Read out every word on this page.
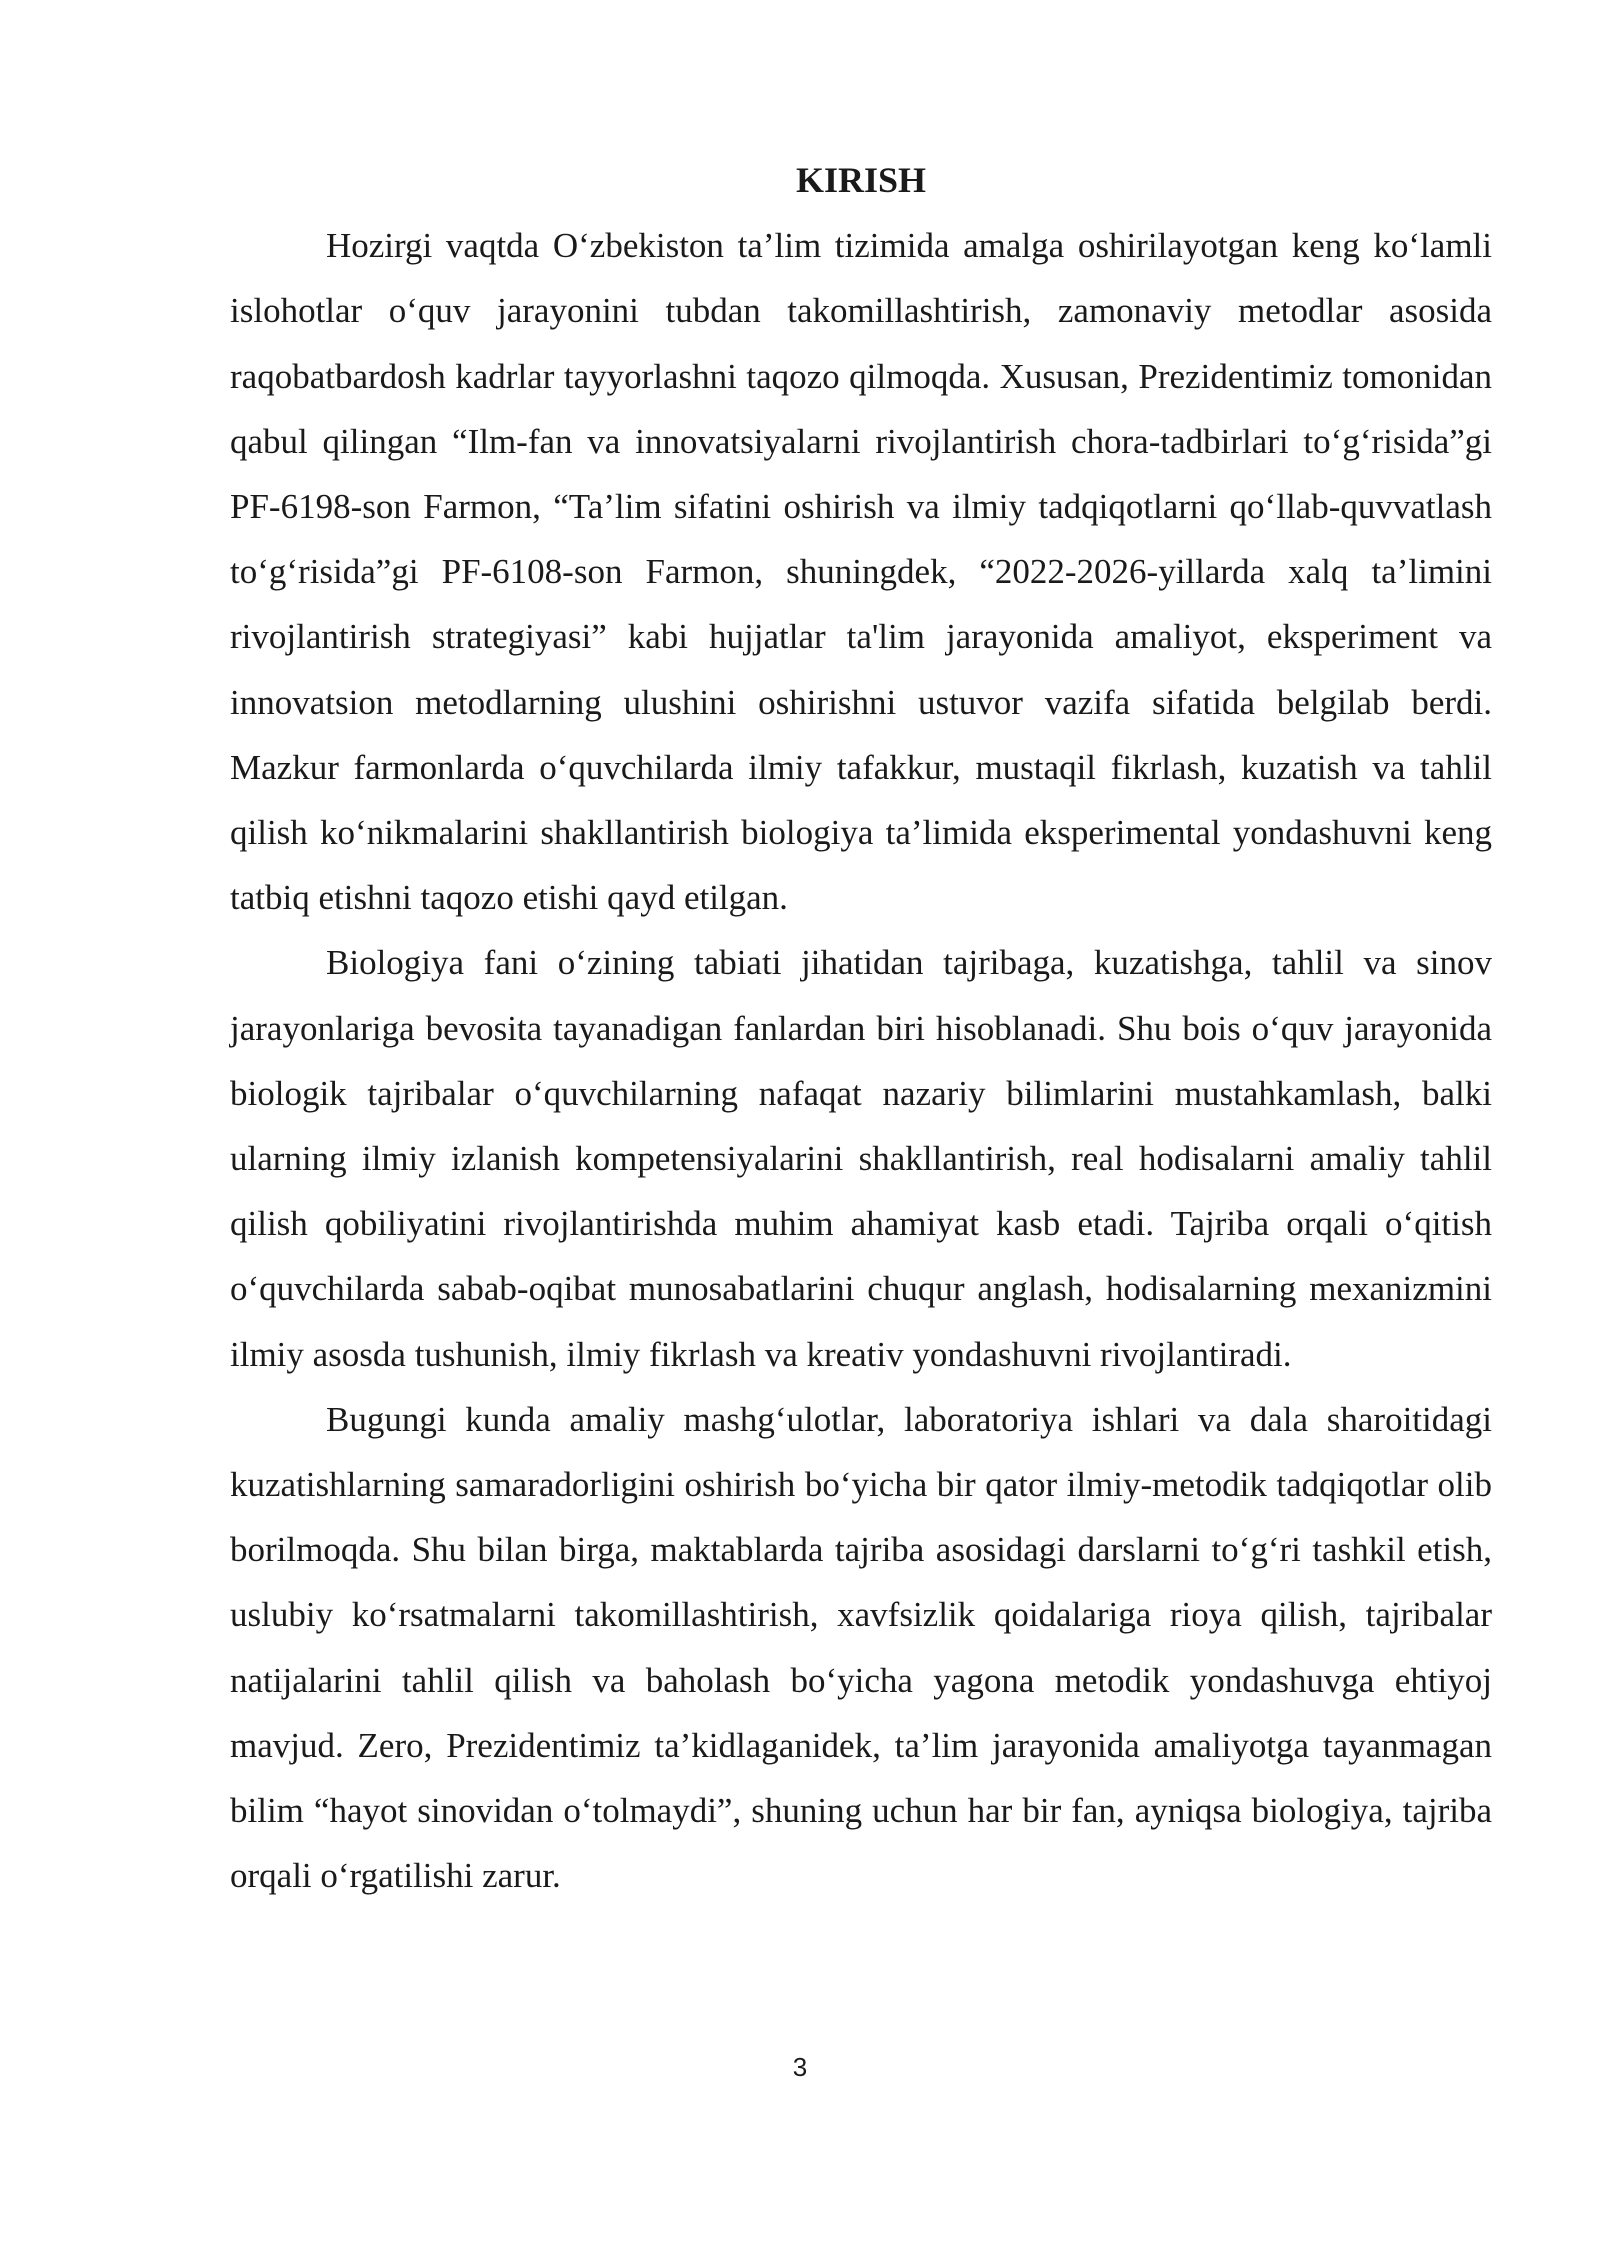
KIRISH

Hozirgi vaqtda O‘zbekiston ta’lim tizimida amalga oshirilayotgan keng ko‘lamli islohotlar o‘quv jarayonini tubdan takomillashtirish, zamonaviy metodlar asosida raqobatbardosh kadrlar tayyorlashni taqozo qilmoqda. Xususan, Prezidentimiz tomonidan qabul qilingan “Ilm-fan va innovatsiyalarni rivojlantirish chora-tadbirlari to‘g‘risida”gi PF-6198-son Farmon, “Ta’lim sifatini oshirish va ilmiy tadqiqotlarni qo‘llab-quvvatlash to‘g‘risida”gi PF-6108-son Farmon, shuningdek, “2022-2026-yillarda xalq ta’limini rivojlantirish strategiyasi” kabi hujjatlar ta'lim jarayonida amaliyot, eksperiment va innovatsion metodlarning ulushini oshirishni ustuvor vazifa sifatida belgilab berdi. Mazkur farmonlarda o‘quvchilarda ilmiy tafakkur, mustaqil fikrlash, kuzatish va tahlil qilish ko‘nikmalarini shakllantirish biologiya ta’limida eksperimental yondashuvni keng tatbiq etishni taqozo etishi qayd etilgan.

Biologiya fani o‘zining tabiati jihatidan tajribaga, kuzatishga, tahlil va sinov jarayonlariga bevosita tayanadigan fanlardan biri hisoblanadi. Shu bois o‘quv jarayonida biologik tajribalar o‘quvchilarning nafaqat nazariy bilimlarini mustahkamlash, balki ularning ilmiy izlanish kompetensiyalarini shakllantirish, real hodisalarni amaliy tahlil qilish qobiliyatini rivojlantirishda muhim ahamiyat kasb etadi. Tajriba orqali o‘qitish o‘quvchilarda sabab-oqibat munosabatlarini chuqur anglash, hodisalarning mexanizmini ilmiy asosda tushunish, ilmiy fikrlash va kreativ yondashuvni rivojlantiradi.

Bugungi kunda amaliy mashg‘ulotlar, laboratoriya ishlari va dala sharoitidagi kuzatishlarning samaradorligini oshirish bo‘yicha bir qator ilmiy-metodik tadqiqotlar olib borilmoqda. Shu bilan birga, maktablarda tajriba asosidagi darslarni to‘g‘ri tashkil etish, uslubiy ko‘rsatmalarni takomillashtirish, xavfsizlik qoidalariga rioya qilish, tajribalar natijalarini tahlil qilish va baholash bo‘yicha yagona metodik yondashuvga ehtiyoj mavjud. Zero, Prezidentimiz ta’kidlaganidek, ta’lim jarayonida amaliyotga tayanmagan bilim “hayot sinovidan o‘tolmaydi”, shuning uchun har bir fan, ayniqsa biologiya, tajriba orqali o‘rgatilishi zarur.

3
